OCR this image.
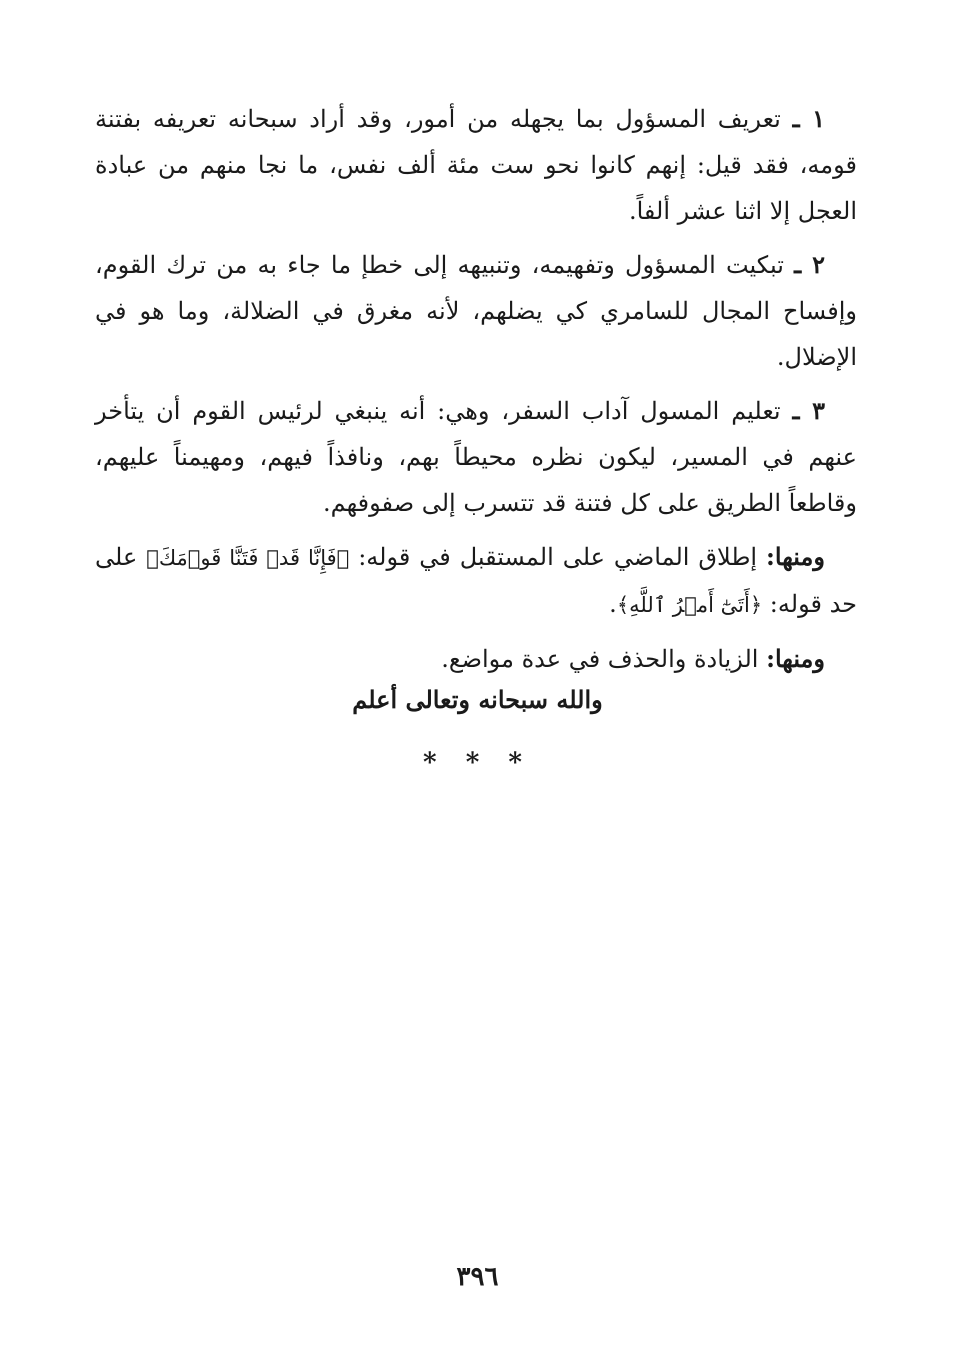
١ ـ تعريف المسؤول بما يجهله من أمور، وقد أراد سبحانه تعريفه بفتنة قومه، فقد قيل: إنهم كانوا نحو ست مئة ألف نفس، ما نجا منهم من عبادة العجل إلا اثنا عشر ألفاً.

٢ ـ تبكيت المسؤول وتفهيمه، وتنبيهه إلى خطإ ما جاء به من ترك القوم، وإفساح المجال للسامري كي يضلهم، لأنه مغرق في الضلالة، وما هو في الإضلال.

٣ ـ تعليم المسول آداب السفر، وهي: أنه ينبغي لرئيس القوم أن يتأخر عنهم في المسير، ليكون نظره محيطاً بهم، ونافذاً فيهم، ومهيمناً عليهم، وقاطعاً الطريق على كل فتنة قد تتسرب إلى صفوفهم.

ومنها: إطلاق الماضي على المستقبل في قوله: ﴿فَإِنَّا قَدۡ فَتَنَّا قَوۡمَكَ﴾ على حد قوله: ﴿أَتَىٰٓ أَمۡرُ ٱللَّهِ﴾.

ومنها: الزيادة والحذف في عدة مواضع.

والله سبحانه وتعالى أعلم
* * *
٣٩٦
